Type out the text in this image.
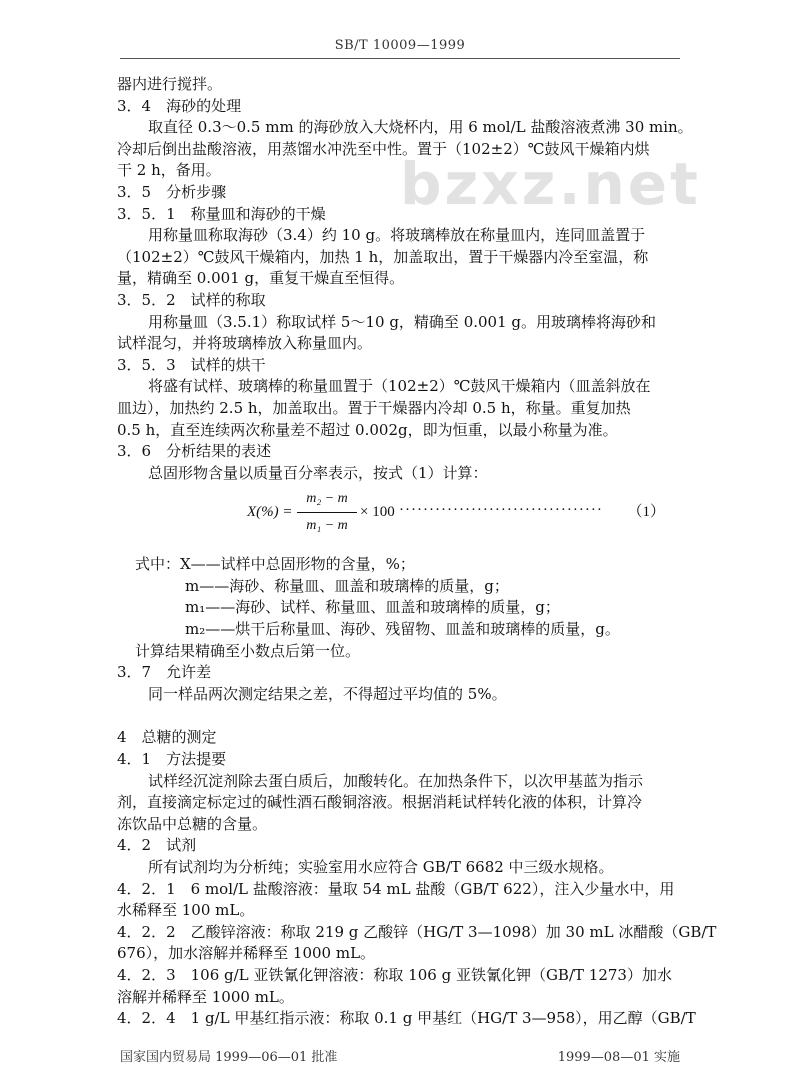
SB/T 10009—1999
bzxz.net
器内进行搅拌。
3．4　海砂的处理
取直径 0.3～0.5 mm 的海砂放入大烧杯内，用 6 mol/L 盐酸溶液煮沸 30 min。
冷却后倒出盐酸溶液，用蒸馏水冲洗至中性。置于（102±2）℃鼓风干燥箱内烘
干 2 h，备用。
3．5　分析步骤
3．5．1　称量皿和海砂的干燥
用称量皿称取海砂（3.4）约 10 g。将玻璃棒放在称量皿内，连同皿盖置于
（102±2）℃鼓风干燥箱内，加热 1 h，加盖取出，置于干燥器内冷至室温，称
量，精确至 0.001 g，重复干燥直至恒得。
3．5．2　试样的称取
用称量皿（3.5.1）称取试样 5～10 g，精确至 0.001 g。用玻璃棒将海砂和
试样混匀，并将玻璃棒放入称量皿内。
3．5．3　试样的烘干
将盛有试样、玻璃棒的称量皿置于（102±2）℃鼓风干燥箱内（皿盖斜放在
皿边），加热约 2.5 h，加盖取出。置于干燥器内冷却 0.5 h，称量。重复加热
0.5 h，直至连续两次称量差不超过 0.002g，即为恒重，以最小称量为准。
3．6　分析结果的表述
总固形物含量以质量百分率表示，按式（1）计算：
$X(\%) = \frac{\text{m₂ − m}}{\text{m₁ − m}} \times 100$ ·································· （1）
式中：X——试样中总固形物的含量，%；
m——海砂、称量皿、皿盖和玻璃棒的质量，g；
m₁——海砂、试样、称量皿、皿盖和玻璃棒的质量，g；
m₂——烘干后称量皿、海砂、残留物、皿盖和玻璃棒的质量，g。
计算结果精确至小数点后第一位。
3．7　允许差
同一样品两次测定结果之差，不得超过平均值的 5%。
4　总糖的测定
4．1　方法提要
试样经沉淀剂除去蛋白质后，加酸转化。在加热条件下，以次甲基蓝为指示
剂，直接滴定标定过的碱性酒石酸铜溶液。根据消耗试样转化液的体积，计算冷
冻饮品中总糖的含量。
4．2　试剂
所有试剂均为分析纯；实验室用水应符合 GB/T 6682 中三级水规格。
4．2．1　6 mol/L 盐酸溶液：量取 54 mL 盐酸（GB/T 622），注入少量水中，用
水稀释至 100 mL。
4．2．2　乙酸锌溶液：称取 219 g 乙酸锌（HG/T 3—1098）加 30 mL 冰醋酸（GB/T
676），加水溶解并稀释至 1000 mL。
4．2．3　106 g/L 亚铁氰化钾溶液：称取 106 g 亚铁氰化钾（GB/T 1273）加水
溶解并稀释至 1000 mL。
4．2．4　1 g/L 甲基红指示液：称取 0.1 g 甲基红（HG/T 3—958），用乙醇（GB/T
国家国内贸易局 1999—06—01 批准	1999—08—01 实施
